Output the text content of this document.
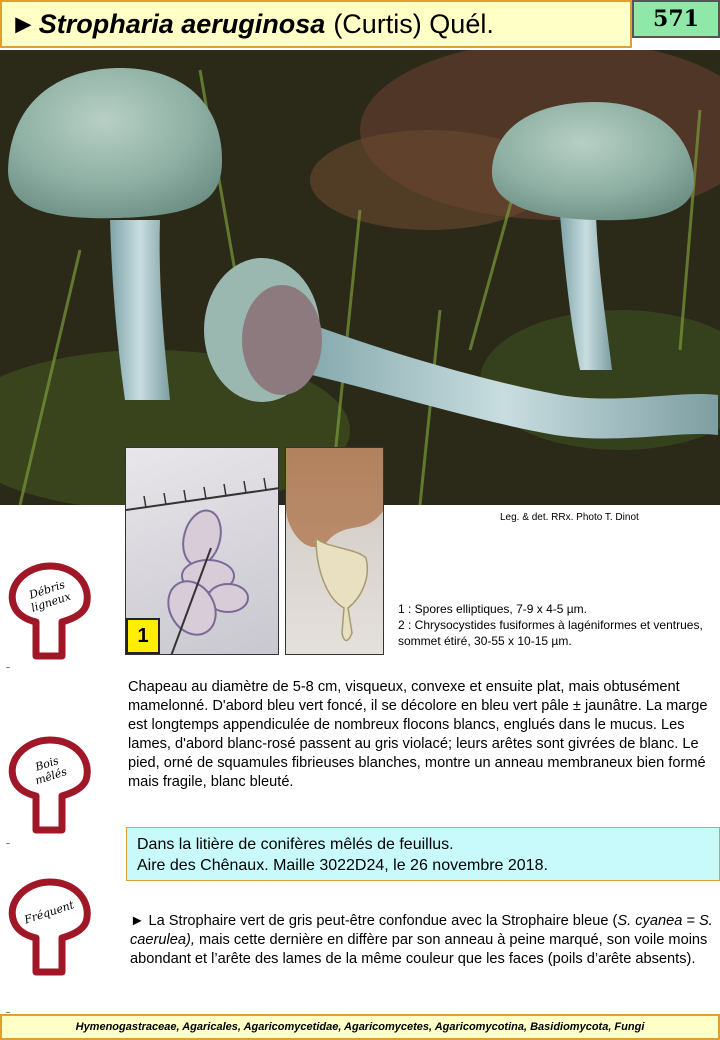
► Stropharia aeruginosa (Curtis) Quél.	571
1
Leg. & det. RRx. Photo T. Dinot
1 : Spores elliptiques, 7-9 x 4-5 µm.
2 : Chrysocystides fusiformes à lagéniformes et ventrues, sommet étiré, 30-55 x 10-15 µm.
Débris
ligneux
Bois
mêlés
Fréquent
Chapeau au diamètre de 5-8 cm, visqueux, convexe et ensuite plat, mais obtusément mamelonné. D'abord bleu vert foncé, il se décolore en bleu vert pâle ± jaunâtre. La marge est longtemps appendiculée de nombreux flocons blancs, englués dans le mucus. Les lames, d'abord blanc-rosé passent au gris violacé; leurs arêtes sont givrées de blanc. Le pied, orné de squamules fibrieuses blanches, montre un anneau membraneux bien formé mais fragile, blanc bleuté.
Dans la litière de conifères mêlés de feuillus.
Aire des Chênaux. Maille 3022D24, le 26 novembre 2018.
► La Strophaire vert de gris peut-être confondue avec la Strophaire bleue (S. cyanea = S. caerulea), mais cette dernière en diffère par son anneau à peine marqué, son voile moins abondant et l’arête des lames de la même couleur que les faces (poils d’arête absents).
Hymenogastraceae, Agaricales, Agaricomycetidae, Agaricomycetes, Agaricomycotina, Basidiomycota, Fungi
